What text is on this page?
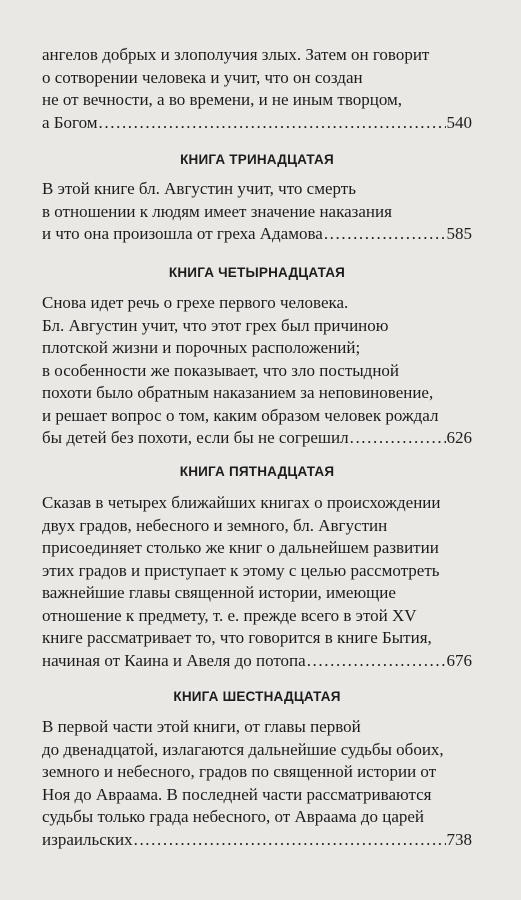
ангелов добрых и злополучия злых. Затем он говорит
о сотворении человека и учит, что он создан
не от вечности, а во времени, и не иным творцом,
а Богом .....	540
КНИГА ТРИНАДЦАТАЯ
В этой книге бл. Августин учит, что смерть
в отношении к людям имеет значение наказания
и что она произошла от греха Адамова .....	585
КНИГА ЧЕТЫРНАДЦАТАЯ
Снова идет речь о грехе первого человека.
Бл. Августин учит, что этот грех был причиною
плотской жизни и порочных расположений;
в особенности же показывает, что зло постыдной
похоти было обратным наказанием за неповиновение,
и решает вопрос о том, каким образом человек рождал
бы детей без похоти, если бы не согрешил .....	626
КНИГА ПЯТНАДЦАТАЯ
Сказав в четырех ближайших книгах о происхождении
двух градов, небесного и земного, бл. Августин
присоединяет столько же книг о дальнейшем развитии
этих градов и приступает к этому с целью рассмотреть
важнейшие главы священной истории, имеющие
отношение к предмету, т. е. прежде всего в этой XV
книге рассматривает то, что говорится в книге Бытия,
начиная от Каина и Авеля до потопа .....	676
КНИГА ШЕСТНАДЦАТАЯ
В первой части этой книги, от главы первой
до двенадцатой, излагаются дальнейшие судьбы обоих,
земного и небесного, градов по священной истории от
Ноя до Авраама. В последней части рассматриваются
судьбы только града небесного, от Авраама до царей
израильских .....	738
